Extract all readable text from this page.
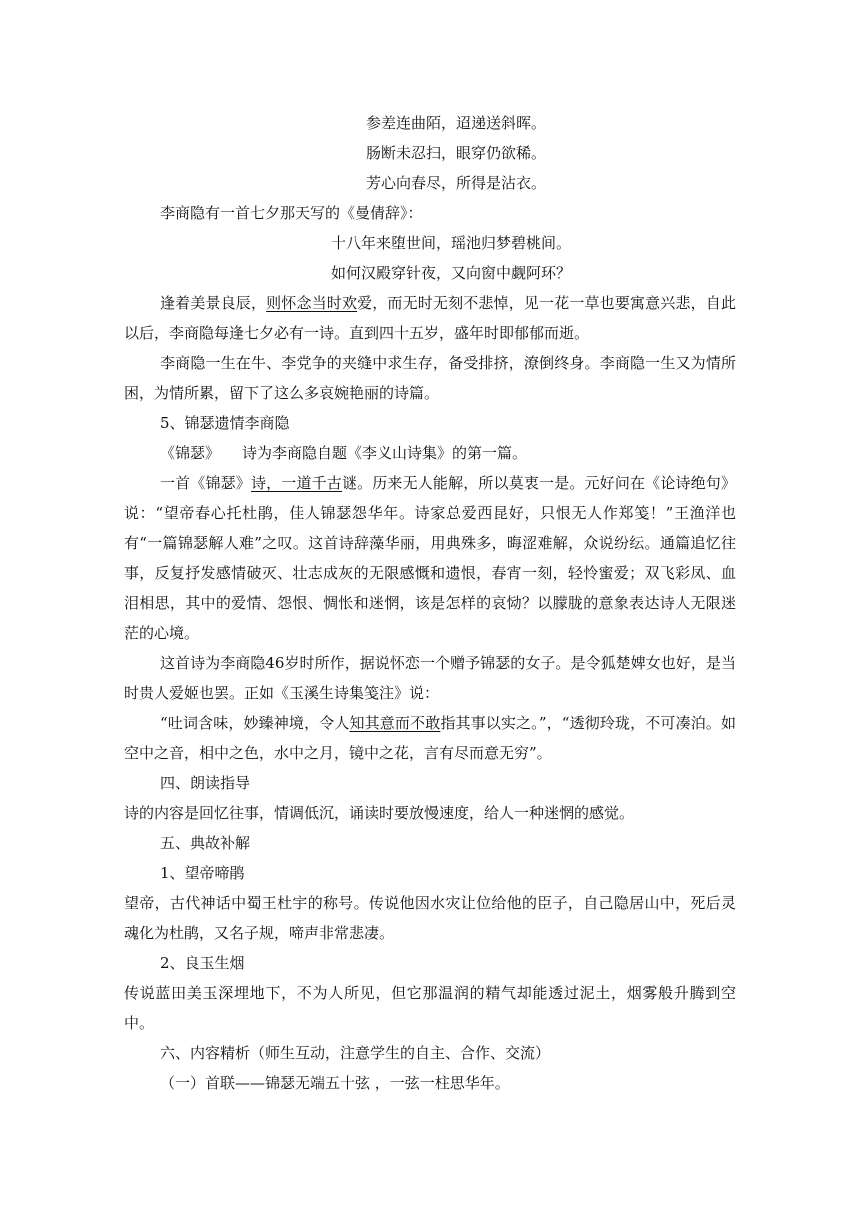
参差连曲陌，迢递送斜晖。

肠断未忍扫，眼穿仍欲稀。

芳心向春尽，所得是沾衣。

李商隐有一首七夕那天写的《曼倩辞》：

十八年来堕世间，瑶池归梦碧桃间。

如何汉殿穿针夜，又向窗中觑阿环？

逢着美景良辰，则怀念当时欢爱，而无时无刻不悲悼，见一花一草也要寓意兴悲，自此以后，李商隐每逢七夕必有一诗。直到四十五岁，盛年时即郁郁而逝。

李商隐一生在牛、李党争的夹缝中求生存，备受排挤，潦倒终身。李商隐一生又为情所困，为情所累，留下了这么多哀婉艳丽的诗篇。

5、锦瑟遗情李商隐

《锦瑟》 诗为李商隐自题《李义山诗集》的第一篇。

一首《锦瑟》诗，一道千古谜。历来无人能解，所以莫衷一是。元好问在《论诗绝句》说：“望帝春心托杜鹃，佳人锦瑟怨华年。诗家总爱西昆好，只恨无人作郑笺！”王渔洋也有“一篇锦瑟解人难”之叹。这首诗辞藻华丽，用典殊多，晦涩难解，众说纷纭。通篇追忆往事，反复抒发感情破灭、壮志成灰的无限感慨和遗恨，春宵一刻，轻怜蜜爱；双飞彩凤、血泪相思，其中的爱情、怨恨、惆怅和迷惘，该是怎样的哀恸？以朦胧的意象表达诗人无限迷茫的心境。

这首诗为李商隐46岁时所作，据说怀恋一个赠予锦瑟的女子。是令狐楚婢女也好，是当时贵人爱姬也罢。正如《玉溪生诗集笺注》说：

“吐词含味，妙臻神境，令人知其意而不敢指其事以实之。”，“透彻玲珑，不可凑泊。如空中之音，相中之色，水中之月，镜中之花，言有尽而意无穷”。

四、朗读指导

诗的内容是回忆往事，情调低沉，诵读时要放慢速度，给人一种迷惘的感觉。

五、典故补解

1、望帝啼鹃

望帝，古代神话中蜀王杜宇的称号。传说他因水灾让位给他的臣子，自己隐居山中，死后灵魂化为杜鹃，又名子规，啼声非常悲凄。

2、良玉生烟

传说蓝田美玉深埋地下，不为人所见，但它那温润的精气却能透过泥土，烟雾般升腾到空中。

六、内容精析（师生互动，注意学生的自主、合作、交流）

（一）首联——锦瑟无端五十弦 ，一弦一柱思华年。
